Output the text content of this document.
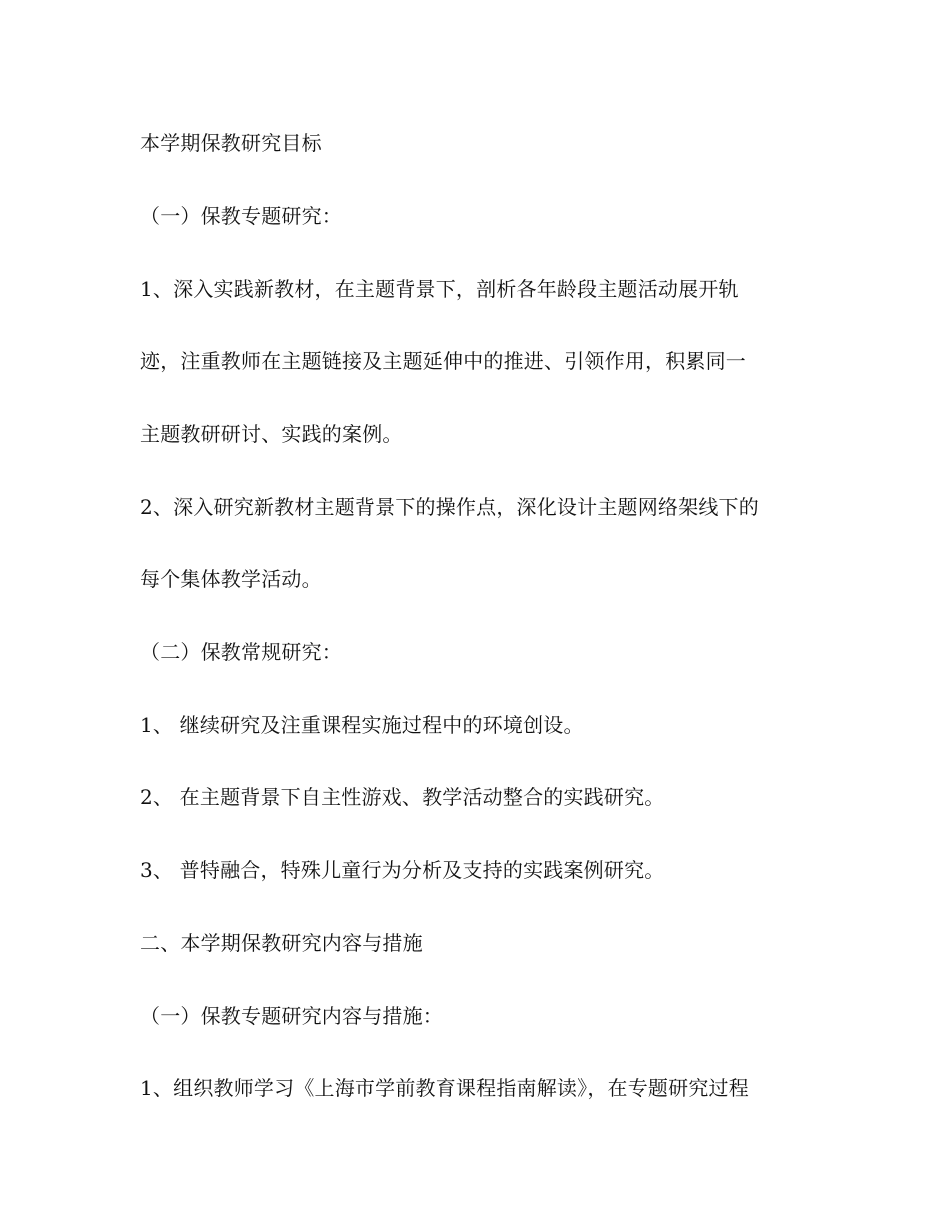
本学期保教研究目标
（一）保教专题研究：
1、深入实践新教材，在主题背景下，剖析各年龄段主题活动展开轨
迹，注重教师在主题链接及主题延伸中的推进、引领作用，积累同一
主题教研研讨、实践的案例。
2、深入研究新教材主题背景下的操作点，深化设计主题网络架线下的
每个集体教学活动。
（二）保教常规研究：
1、 继续研究及注重课程实施过程中的环境创设。
2、 在主题背景下自主性游戏、教学活动整合的实践研究。
3、 普特融合，特殊儿童行为分析及支持的实践案例研究。
二、本学期保教研究内容与措施
（一）保教专题研究内容与措施：
1、组织教师学习《上海市学前教育课程指南解读》，在专题研究过程
